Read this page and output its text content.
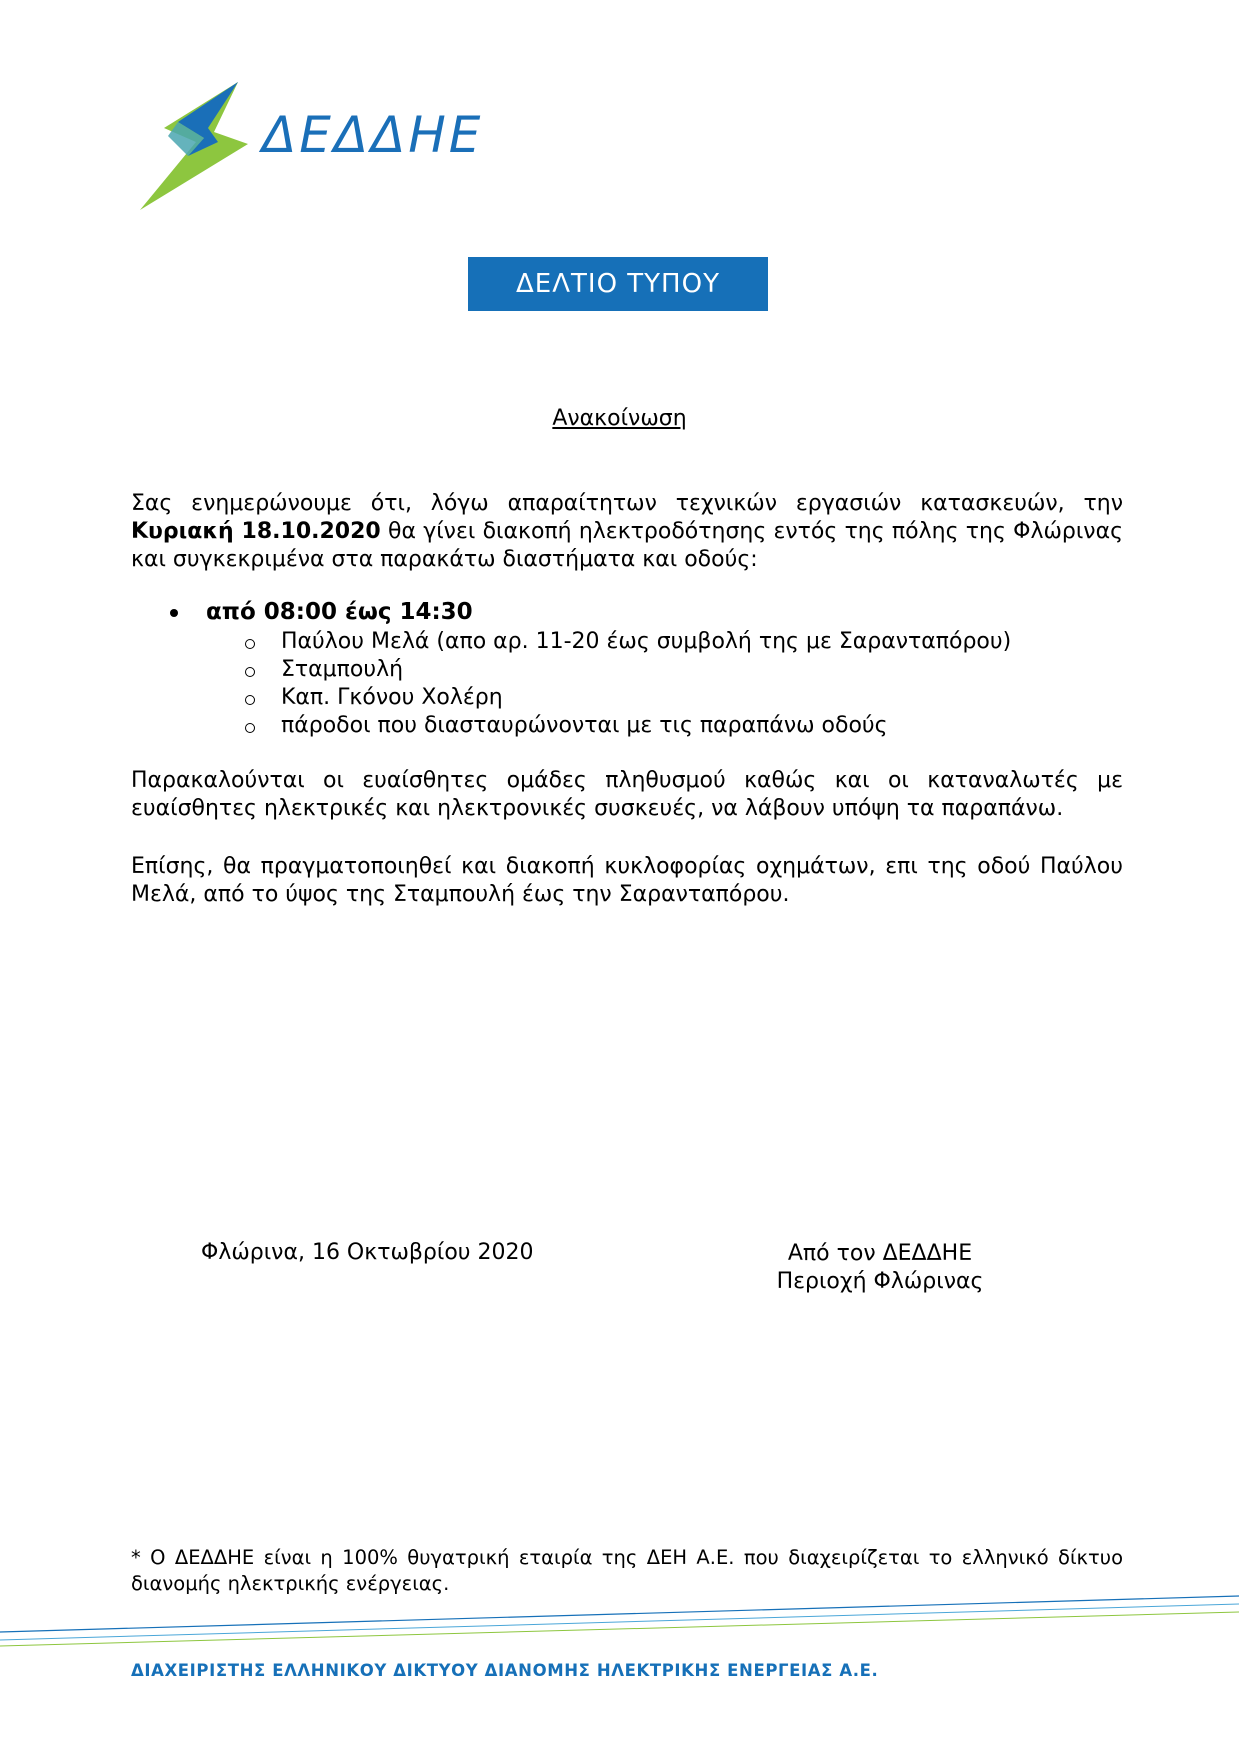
ΔΕΔΔΗΕ
ΔΕΛΤΙΟ ΤΥΠΟΥ
Ανακοίνωση
Σας ενημερώνουμε ότι, λόγω απαραίτητων τεχνικών εργασιών κατασκευών, την Κυριακή 18.10.2020 θα γίνει διακοπή ηλεκτροδότησης εντός της πόλης της Φλώρινας και συγκεκριμένα στα παρακάτω διαστήματα και οδούς:
από 08:00 έως 14:30
Παύλου Μελά (απο αρ. 11-20 έως συμβολή της με Σαρανταπόρου)
Σταμπουλή
Καπ. Γκόνου Χολέρη
πάροδοι που διασταυρώνονται με τις παραπάνω οδούς
Παρακαλούνται οι ευαίσθητες ομάδες πληθυσμού καθώς και οι καταναλωτές με ευαίσθητες ηλεκτρικές και ηλεκτρονικές συσκευές, να λάβουν υπόψη τα παραπάνω.
Επίσης, θα πραγματοποιηθεί και διακοπή κυκλοφορίας οχημάτων, επι της οδού Παύλου Μελά, από το ύψος της Σταμπουλή έως την Σαρανταπόρου.
Φλώρινα, 16 Οκτωβρίου 2020	Από τον ΔΕΔΔΗΕ
Περιοχή Φλώρινας
* Ο ΔΕΔΔΗΕ είναι η 100% θυγατρική εταιρία της ΔΕΗ Α.Ε. που διαχειρίζεται το ελληνικό δίκτυο διανομής ηλεκτρικής ενέργειας.
ΔΙΑΧΕΙΡΙΣΤΗΣ ΕΛΛΗΝΙΚΟΥ ΔΙΚΤΥΟΥ ΔΙΑΝΟΜΗΣ ΗΛΕΚΤΡΙΚΗΣ ΕΝΕΡΓΕΙΑΣ Α.Ε.
